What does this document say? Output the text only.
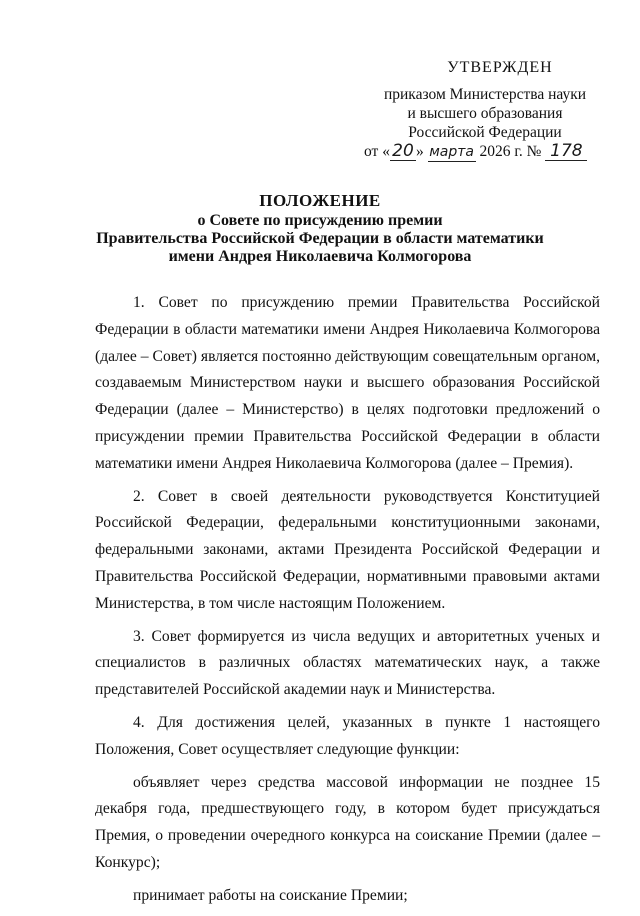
УТВЕРЖДЕН
приказом Министерства науки
и высшего образования
Российской Федерации
от « 20 » марта 2026 г. № 178
ПОЛОЖЕНИЕ
о Совете по присуждению премии
Правительства Российской Федерации в области математики
имени Андрея Николаевича Колмогорова

1. Совет по присуждению премии Правительства Российской Федерации в области математики имени Андрея Николаевича Колмогорова (далее – Совет) является постоянно действующим совещательным органом, создаваемым Министерством науки и высшего образования Российской Федерации (далее – Министерство) в целях подготовки предложений о присуждении премии Правительства Российской Федерации в области математики имени Андрея Николаевича Колмогорова (далее – Премия).

2. Совет в своей деятельности руководствуется Конституцией Российской Федерации, федеральными конституционными законами, федеральными законами, актами Президента Российской Федерации и Правительства Российской Федерации, нормативными правовыми актами Министерства, в том числе настоящим Положением.

3. Совет формируется из числа ведущих и авторитетных ученых и специалистов в различных областях математических наук, а также представителей Российской академии наук и Министерства.

4. Для достижения целей, указанных в пункте 1 настоящего Положения, Совет осуществляет следующие функции:

объявляет через средства массовой информации не позднее 15 декабря года, предшествующего году, в котором будет присуждаться Премия, о проведении очередного конкурса на соискание Премии (далее – Конкурс);

принимает работы на соискание Премии;
